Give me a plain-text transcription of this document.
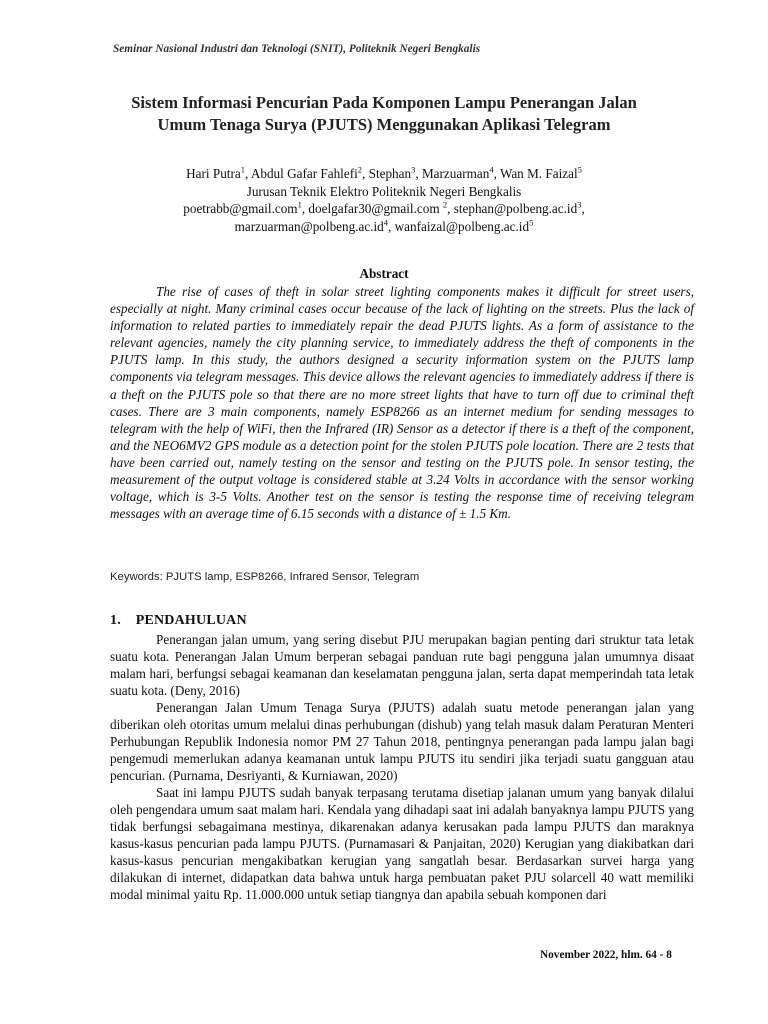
Seminar Nasional Industri dan Teknologi (SNIT), Politeknik Negeri Bengkalis
Sistem Informasi Pencurian Pada Komponen Lampu Penerangan Jalan
Umum Tenaga Surya (PJUTS) Menggunakan Aplikasi Telegram
Hari Putra$^1$, Abdul Gafar Fahlefi$^2$, Stephan$^3$, Marzuarman$^4$, Wan M. Faizal$^5$
Jurusan Teknik Elektro Politeknik Negeri Bengkalis
poetrabb@gmail.com$^1$, doelgafar30@gmail.com $^2$, $stephan@polbeng.ac.id^3$,
$marzuarman@polbeng.ac.id^4$, $wanfaizal@polbeng.ac.id^5$
Abstract

The rise of cases of theft in solar street lighting components makes it difficult for street users, especially at night. Many criminal cases occur because of the lack of lighting on the streets. Plus the lack of information to related parties to immediately repair the dead PJUTS lights. As a form of assistance to the relevant agencies, namely the city planning service, to immediately address the theft of components in the PJUTS lamp. In this study, the authors designed a security information system on the PJUTS lamp components via telegram messages. This device allows the relevant agencies to immediately address if there is a theft on the PJUTS pole so that there are no more street lights that have to turn off due to criminal theft cases. There are 3 main components, namely ESP8266 as an internet medium for sending messages to telegram with the help of WiFi, then the Infrared (IR) Sensor as a detector if there is a theft of the component, and the NEO6MV2 GPS module as a detection point for the stolen PJUTS pole location. There are 2 tests that have been carried out, namely testing on the sensor and testing on the PJUTS pole. In sensor testing, the measurement of the output voltage is considered stable at 3.24 Volts in accordance with the sensor working voltage, which is 3-5 Volts. Another test on the sensor is testing the response time of receiving telegram messages with an average time of 6.15 seconds with a distance of ± 1.5 Km.

Keywords: PJUTS lamp, ESP8266, Infrared Sensor, Telegram
1. PENDAHULUAN

Penerangan jalan umum, yang sering disebut PJU merupakan bagian penting dari struktur tata letak suatu kota. Penerangan Jalan Umum berperan sebagai panduan rute bagi pengguna jalan umumnya disaat malam hari, berfungsi sebagai keamanan dan keselamatan pengguna jalan, serta dapat memperindah tata letak suatu kota. (Deny, 2016)

Penerangan Jalan Umum Tenaga Surya (PJUTS) adalah suatu metode penerangan jalan yang diberikan oleh otoritas umum melalui dinas perhubungan (dishub) yang telah masuk dalam Peraturan Menteri Perhubungan Republik Indonesia nomor PM 27 Tahun 2018, pentingnya penerangan pada lampu jalan bagi pengemudi memerlukan adanya keamanan untuk lampu PJUTS itu sendiri jika terjadi suatu gangguan atau pencurian. (Purnama, Desriyanti, & Kurniawan, 2020)

Saat ini lampu PJUTS sudah banyak terpasang terutama disetiap jalanan umum yang banyak dilalui oleh pengendara umum saat malam hari. Kendala yang dihadapi saat ini adalah banyaknya lampu PJUTS yang tidak berfungsi sebagaimana mestinya, dikarenakan adanya kerusakan pada lampu PJUTS dan maraknya kasus-kasus pencurian pada lampu PJUTS. (Purnamasari & Panjaitan, 2020) Kerugian yang diakibatkan dari kasus-kasus pencurian mengakibatkan kerugian yang sangatlah besar. Berdasarkan survei harga yang dilakukan di internet, didapatkan data bahwa untuk harga pembuatan paket PJU solarcell 40 watt memiliki modal minimal yaitu Rp. 11.000.000 untuk setiap tiangnya dan apabila sebuah komponen dari

November 2022, hlm. 64 - 8
